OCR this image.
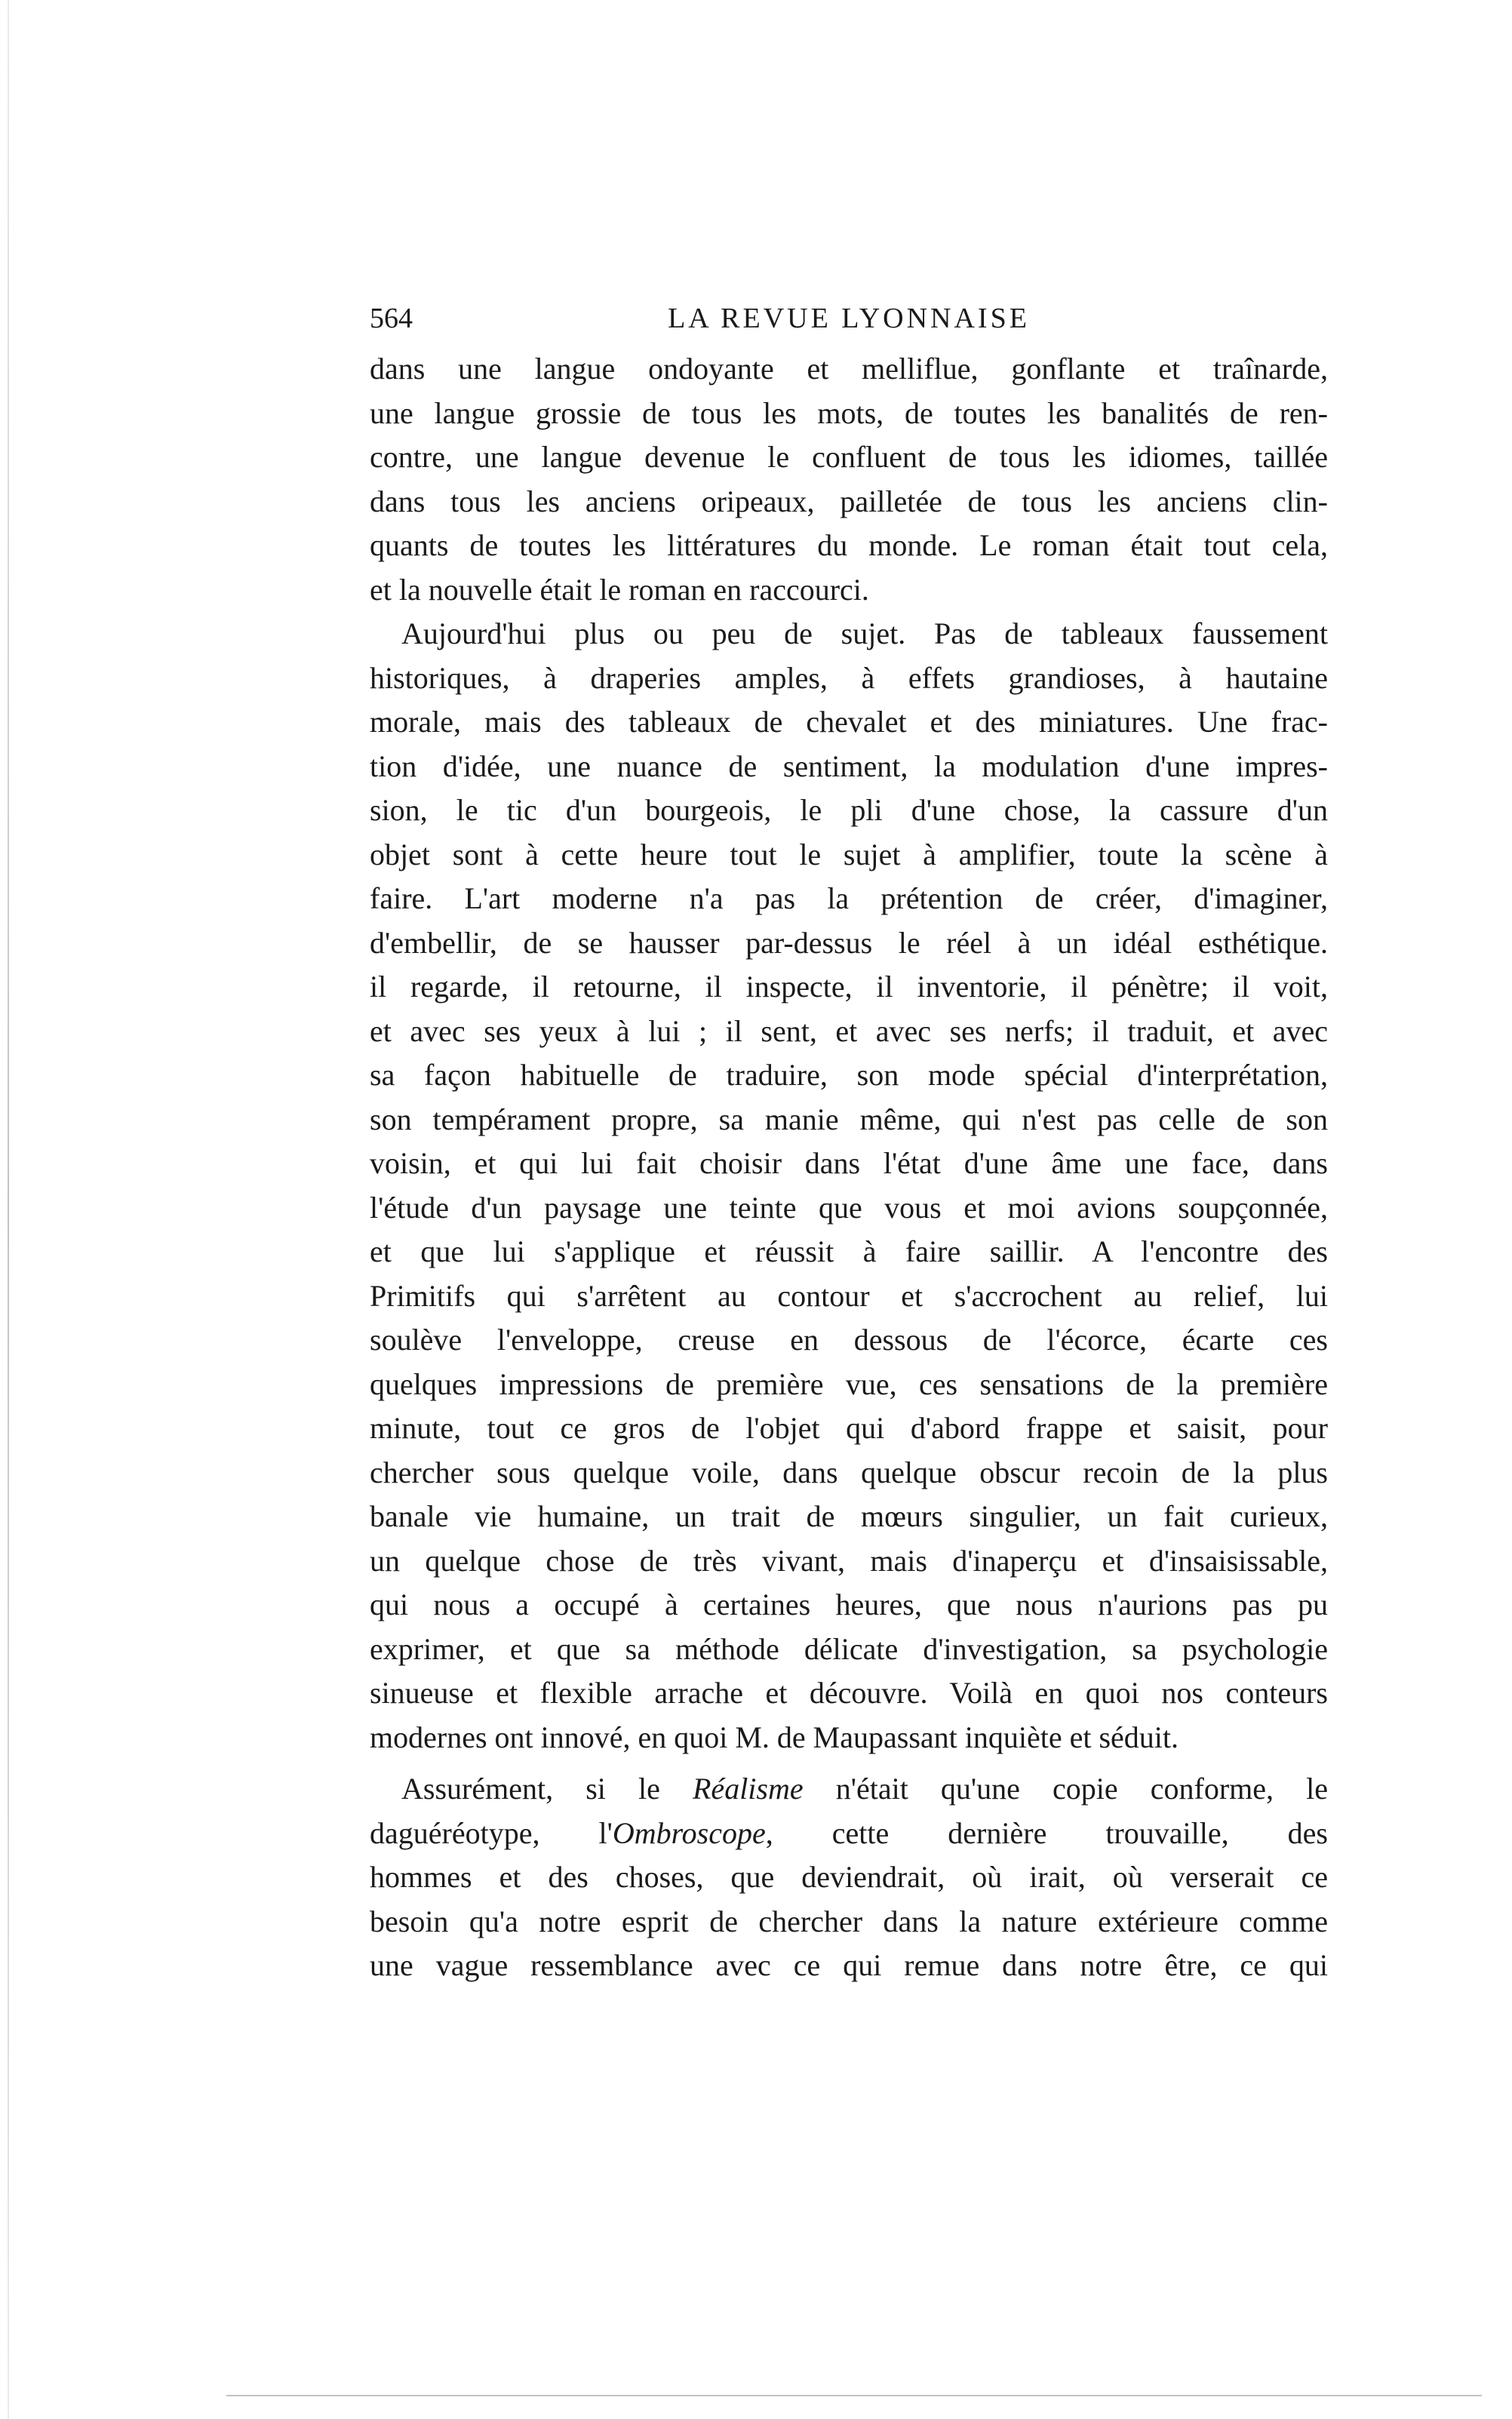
564	LA REVUE LYONNAISE
dans une langue ondoyante et melliflue, gonflante et traînarde,
une langue grossie de tous les mots, de toutes les banalités de ren-
contre, une langue devenue le confluent de tous les idiomes, taillée
dans tous les anciens oripeaux, pailletée de tous les anciens clin-
quants de toutes les littératures du monde. Le roman était tout cela,
et la nouvelle était le roman en raccourci.
Aujourd'hui plus ou peu de sujet. Pas de tableaux faussement
historiques, à draperies amples, à effets grandioses, à hautaine
morale, mais des tableaux de chevalet et des miniatures. Une frac-
tion d'idée, une nuance de sentiment, la modulation d'une impres-
sion, le tic d'un bourgeois, le pli d'une chose, la cassure d'un
objet sont à cette heure tout le sujet à amplifier, toute la scène à
faire. L'art moderne n'a pas la prétention de créer, d'imaginer,
d'embellir, de se hausser par-dessus le réel à un idéal esthétique.
il regarde, il retourne, il inspecte, il inventorie, il pénètre; il voit,
et avec ses yeux à lui ; il sent, et avec ses nerfs; il traduit, et avec
sa façon habituelle de traduire, son mode spécial d'interprétation,
son tempérament propre, sa manie même, qui n'est pas celle de son
voisin, et qui lui fait choisir dans l'état d'une âme une face, dans
l'étude d'un paysage une teinte que vous et moi avions soupçonnée,
et que lui s'applique et réussit à faire saillir. A l'encontre des
Primitifs qui s'arrêtent au contour et s'accrochent au relief, lui
soulève l'enveloppe, creuse en dessous de l'écorce, écarte ces
quelques impressions de première vue, ces sensations de la première
minute, tout ce gros de l'objet qui d'abord frappe et saisit, pour
chercher sous quelque voile, dans quelque obscur recoin de la plus
banale vie humaine, un trait de mœurs singulier, un fait curieux,
un quelque chose de très vivant, mais d'inaperçu et d'insaisissable,
qui nous a occupé à certaines heures, que nous n'aurions pas pu
exprimer, et que sa méthode délicate d'investigation, sa psychologie
sinueuse et flexible arrache et découvre. Voilà en quoi nos conteurs
modernes ont innové, en quoi M. de Maupassant inquiète et séduit.
Assurément, si le Réalisme n'était qu'une copie conforme, le
daguéréotype, l'Ombroscope, cette dernière trouvaille, des
hommes et des choses, que deviendrait, où irait, où verserait ce
besoin qu'a notre esprit de chercher dans la nature extérieure comme
une vague ressemblance avec ce qui remue dans notre être, ce qui
